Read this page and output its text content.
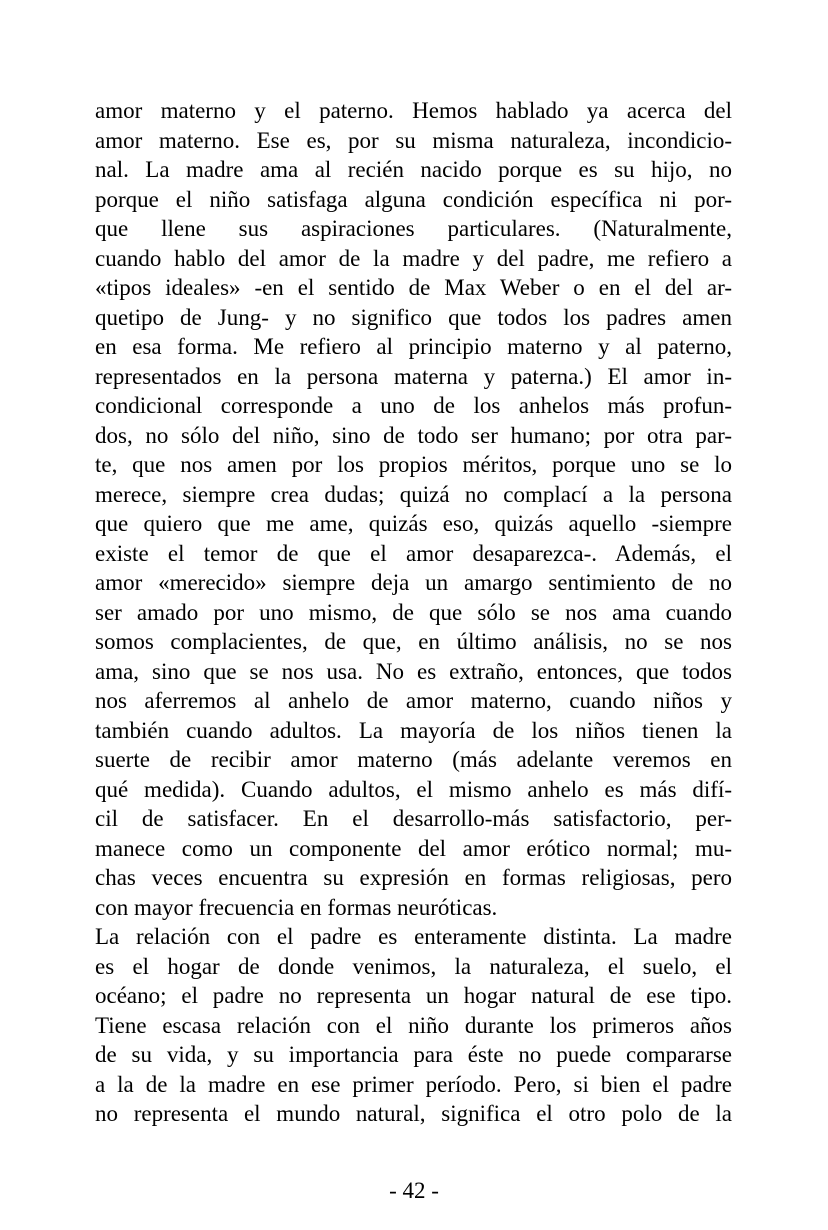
amor materno y el paterno. Hemos hablado ya acerca del
amor materno. Ese es, por su misma naturaleza, incondicio-
nal. La madre ama al recién nacido porque es su hijo, no
porque el niño satisfaga alguna condición específica ni por-
que llene sus aspiraciones particulares. (Naturalmente,
cuando hablo del amor de la madre y del padre, me refiero a
«tipos ideales» -en el sentido de Max Weber o en el del ar-
quetipo de Jung- y no significo que todos los padres amen
en esa forma. Me refiero al principio materno y al paterno,
representados en la persona materna y paterna.) El amor in-
condicional corresponde a uno de los anhelos más profun-
dos, no sólo del niño, sino de todo ser humano; por otra par-
te, que nos amen por los propios méritos, porque uno se lo
merece, siempre crea dudas; quizá no complací a la persona
que quiero que me ame, quizás eso, quizás aquello -siempre
existe el temor de que el amor desaparezca-. Además, el
amor «merecido» siempre deja un amargo sentimiento de no
ser amado por uno mismo, de que sólo se nos ama cuando
somos complacientes, de que, en último análisis, no se nos
ama, sino que se nos usa. No es extraño, entonces, que todos
nos aferremos al anhelo de amor materno, cuando niños y
también cuando adultos. La mayoría de los niños tienen la
suerte de recibir amor materno (más adelante veremos en
qué medida). Cuando adultos, el mismo anhelo es más difí-
cil de satisfacer. En el desarrollo-más satisfactorio, per-
manece como un componente del amor erótico normal; mu-
chas veces encuentra su expresión en formas religiosas, pero
con mayor frecuencia en formas neuróticas.
La relación con el padre es enteramente distinta. La madre
es el hogar de donde venimos, la naturaleza, el suelo, el
océano; el padre no representa un hogar natural de ese tipo.
Tiene escasa relación con el niño durante los primeros años
de su vida, y su importancia para éste no puede compararse
a la de la madre en ese primer período. Pero, si bien el padre
no representa el mundo natural, significa el otro polo de la
- 42 -
